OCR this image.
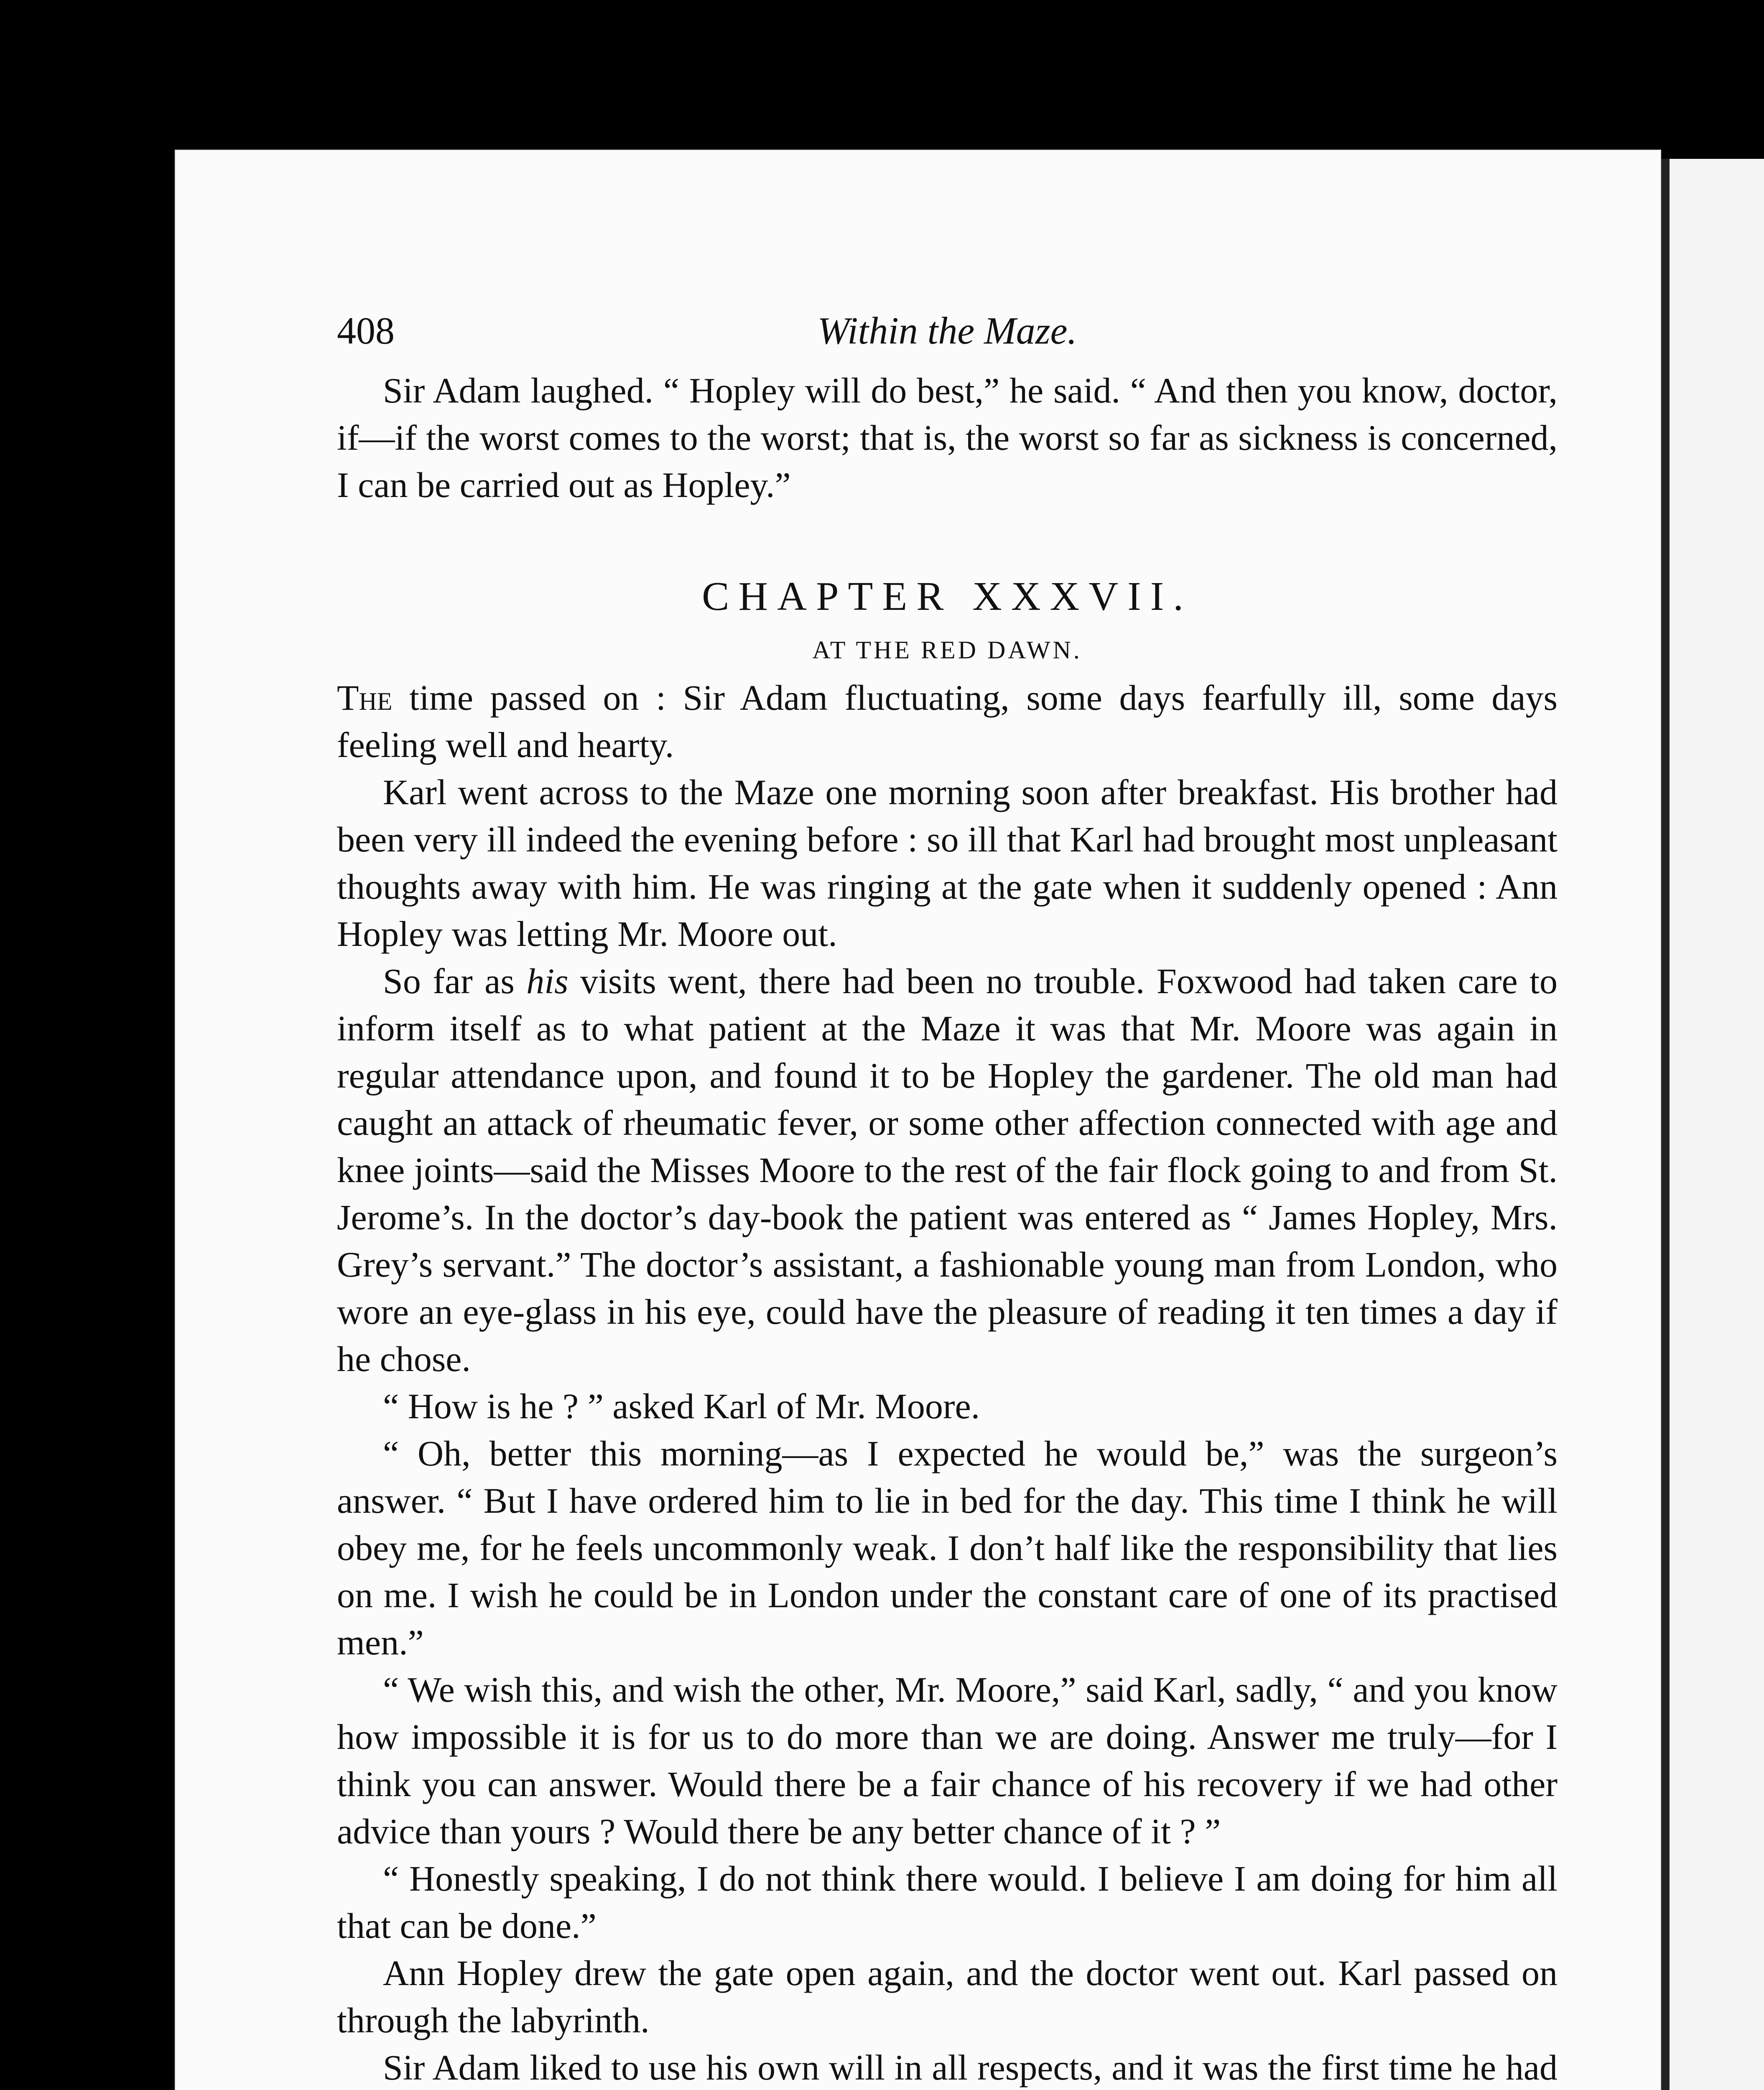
408	Within the Maze.

Sir Adam laughed. “ Hopley will do best,” he said. “ And then you know, doctor, if—if the worst comes to the worst; that is, the worst so far as sickness is concerned, I can be carried out as Hopley.”

CHAPTER XXXVII.
AT THE RED DAWN.

The time passed on : Sir Adam fluctuating, some days fearfully ill, some days feeling well and hearty.

Karl went across to the Maze one morning soon after breakfast. His brother had been very ill indeed the evening before : so ill that Karl had brought most unpleasant thoughts away with him. He was ringing at the gate when it suddenly opened : Ann Hopley was letting Mr. Moore out.

So far as his visits went, there had been no trouble. Foxwood had taken care to inform itself as to what patient at the Maze it was that Mr. Moore was again in regular attendance upon, and found it to be Hopley the gardener. The old man had caught an attack of rheumatic fever, or some other affection connected with age and knee joints—said the Misses Moore to the rest of the fair flock going to and from St. Jerome’s. In the doctor’s day-book the patient was entered as “ James Hopley, Mrs. Grey’s servant.” The doctor’s assistant, a fashionable young man from London, who wore an eye-glass in his eye, could have the pleasure of reading it ten times a day if he chose.

“ How is he ? ” asked Karl of Mr. Moore.

“ Oh, better this morning—as I expected he would be,” was the surgeon’s answer. “ But I have ordered him to lie in bed for the day. This time I think he will obey me, for he feels uncommonly weak. I don’t half like the responsibility that lies on me. I wish he could be in London under the constant care of one of its practised men.”

“ We wish this, and wish the other, Mr. Moore,” said Karl, sadly, “ and you know how impossible it is for us to do more than we are doing. Answer me truly—for I think you can answer. Would there be a fair chance of his recovery if we had other advice than yours ? Would there be any better chance of it ? ”

“ Honestly speaking, I do not think there would. I believe I am doing for him all that can be done.”

Ann Hopley drew the gate open again, and the doctor went out. Karl passed on through the labyrinth.

Sir Adam liked to use his own will in all respects, and it was the first time he had
